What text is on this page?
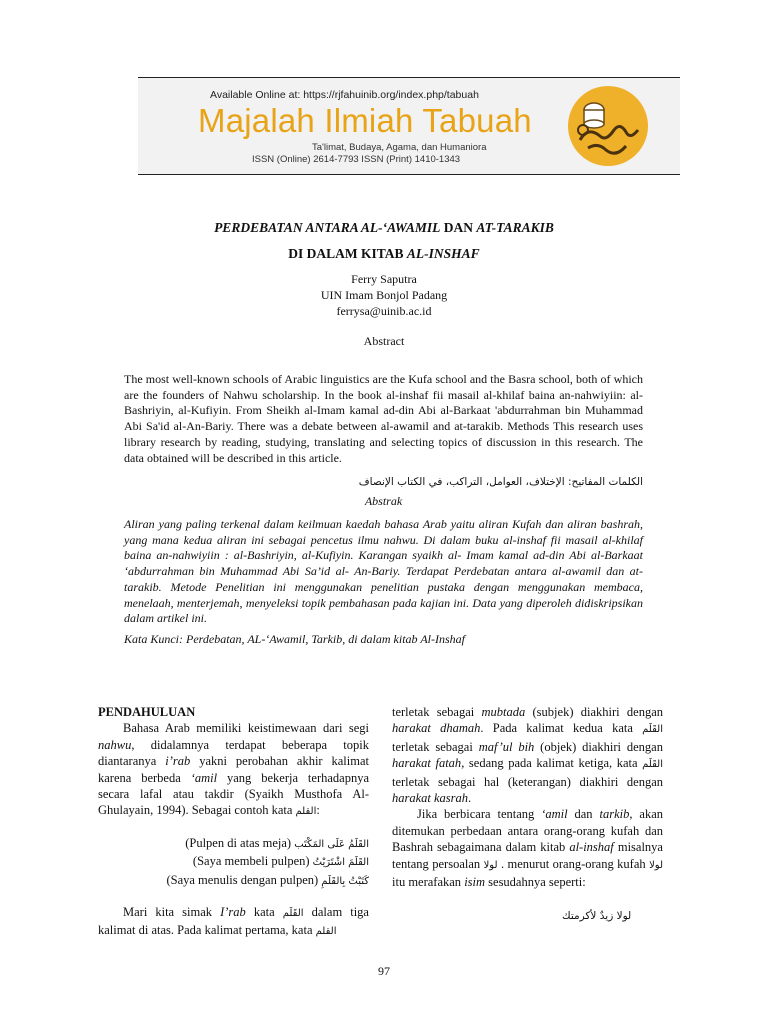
Available Online at: https://rjfahuinib.org/index.php/tabuah
Majalah Ilmiah Tabuah
Ta'limat, Budaya, Agama, dan Humaniora
ISSN (Online) 2614-7793 ISSN (Print) 1410-1343
PERDEBATAN ANTARA AL-‘AWAMIL DAN AT-TARAKIB
DI DALAM KITAB AL-INSHAF
Ferry Saputra
UIN Imam Bonjol Padang
ferrysa@uinib.ac.id
Abstract
The most well-known schools of Arabic linguistics are the Kufa school and the Basra school, both of which are the founders of Nahwu scholarship. In the book al-inshaf fii masail al-khilaf baina an-nahwiyiin: al-Bashriyin, al-Kufiyin. From Sheikh al-Imam kamal ad-din Abi al-Barkaat 'abdurrahman bin Muhammad Abi Sa'id al-An-Bariy. There was a debate between al-awamil and at-tarakib. Methods This research uses library research by reading, studying, translating and selecting topics of discussion in this research. The data obtained will be described in this article.
الكلمات المفاتيح: الإختلاف، العوامل، التراكب، في الكتاب الإنصاف
Abstrak
Aliran yang paling terkenal dalam keilmuan kaedah bahasa Arab yaitu aliran Kufah dan aliran bashrah, yang mana kedua aliran ini sebagai pencetus ilmu nahwu. Di dalam buku al-inshaf fii masail al-khilaf baina an-nahwiyiin : al-Bashriyin, al-Kufiyin. Karangan syaikh al- Imam kamal ad-din Abi al-Barkaat ‘abdurrahman bin Muhammad Abi Sa’id al- An-Bariy. Terdapat Perdebatan antara al-awamil dan at-tarakib. Metode Penelitian ini menggunakan penelitian pustaka dengan menggunakan membaca, menelaah, menterjemah, menyeleksi topik pembahasan pada kajian ini. Data yang diperoleh didiskripsikan dalam artikel ini.
Kata Kunci: Perdebatan, AL-‘Awamil, Tarkib, di dalam kitab Al-Inshaf

PENDAHULUAN

Bahasa Arab memiliki keistimewaan dari segi nahwu, didalamnya terdapat beberapa topik diantaranya i’rab yakni perobahan akhir kalimat karena berbeda ‘amil yang bekerja terhadapnya secara lafal atau takdir (Syaikh Musthofa Al-Ghulayain, 1994). Sebagai contoh kata القلم:

(Pulpen di atas meja) القَلَمُ عَلَى المَكْتَب

(Saya membeli pulpen) القَلَمَ اشْتَرَيْتُ

(Saya menulis dengan pulpen) كَتَبْتُ بِالقَلَمِ

Mari kita simak I’rab kata القَلَم dalam tiga kalimat di atas. Pada kalimat pertama, kata القلم

terletak sebagai mubtada (subjek) diakhiri dengan harakat dhamah. Pada kalimat kedua kata القَلَم terletak sebagai maf’ul bih (objek) diakhiri dengan harakat fatah, sedang pada kalimat ketiga, kata القَلَم terletak sebagai hal (keterangan) diakhiri dengan harakat kasrah.

Jika berbicara tentang ‘amil dan tarkib, akan ditemukan perbedaan antara orang-orang kufah dan Bashrah sebagaimana dalam kitab al-inshaf misalnya tentang persoalan لولا . menurut orang-orang kufah لولا itu merafakan isim sesudahnya seperti:

لولا زيدٌ لأكرمتك
97
